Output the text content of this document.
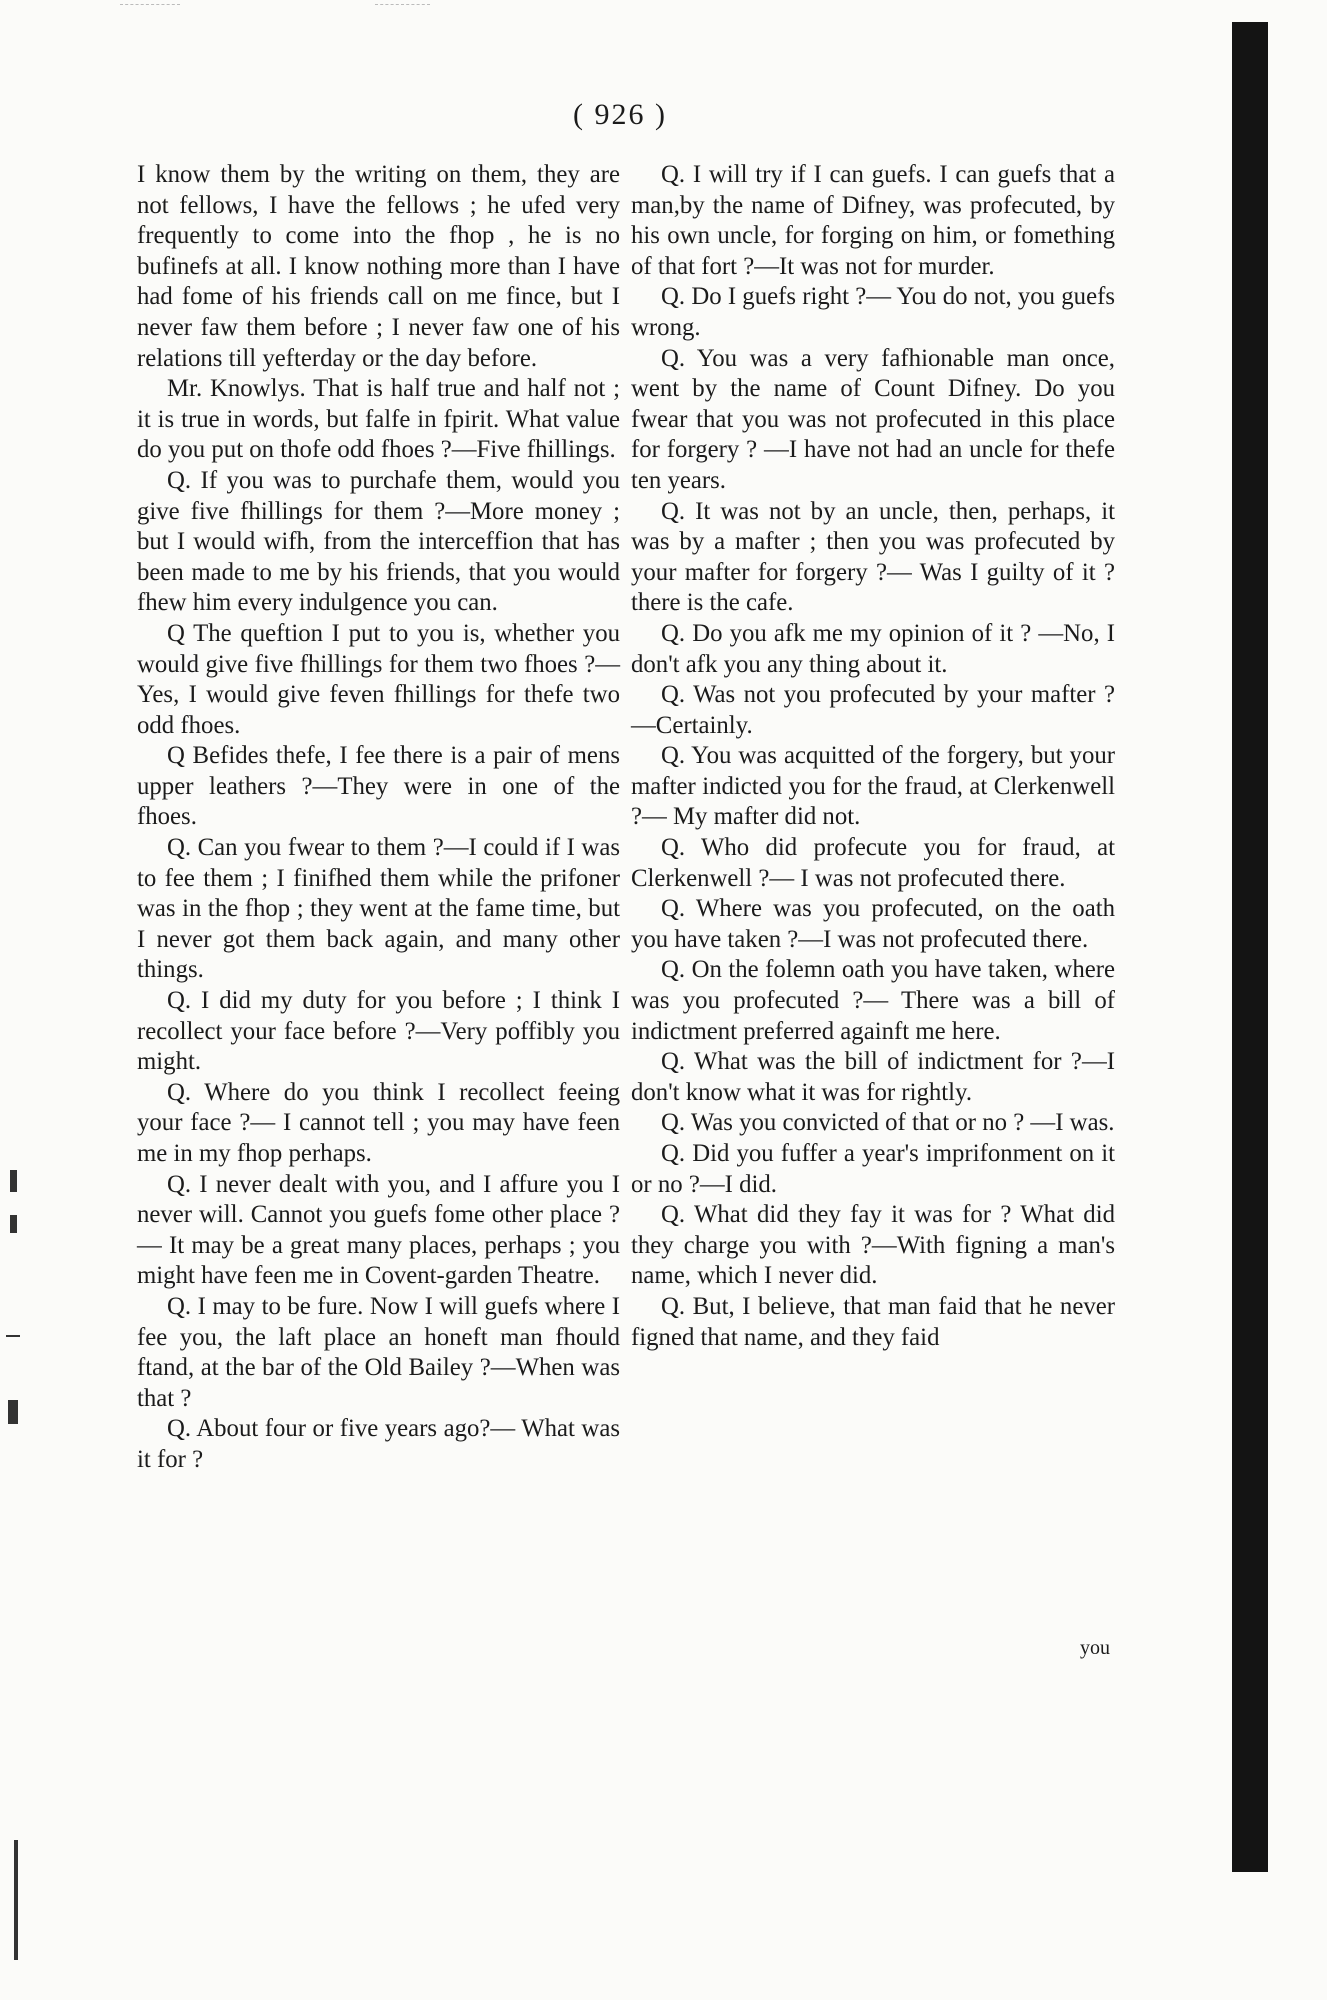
( 926 )

I know them by the writing on them, they are not fellows, I have the fellows ; he ufed very frequently to come into the fhop , he is no bufinefs at all. I know nothing more than I have had fome of his friends call on me fince, but I never faw them before ; I never faw one of his relations till yefterday or the day before.

Mr. Knowlys. That is half true and half not ; it is true in words, but falfe in fpirit. What value do you put on thofe odd fhoes ?—Five fhillings.

Q. If you was to purchafe them, would you give five fhillings for them ?—More money ; but I would wifh, from the interceffion that has been made to me by his friends, that you would fhew him every indulgence you can.

Q The queftion I put to you is, whether you would give five fhillings for them two fhoes ?—Yes, I would give feven fhillings for thefe two odd fhoes.

Q Befides thefe, I fee there is a pair of mens upper leathers ?—They were in one of the fhoes.

Q. Can you fwear to them ?—I could if I was to fee them ; I finifhed them while the prifoner was in the fhop ; they went at the fame time, but I never got them back again, and many other things.

Q. I did my duty for you before ; I think I recollect your face before ?—Very poffibly you might.

Q. Where do you think I recollect feeing your face ?— I cannot tell ; you may have feen me in my fhop perhaps.

Q. I never dealt with you, and I affure you I never will. Cannot you guefs fome other place ?— It may be a great many places, perhaps ; you might have feen me in Covent-garden Theatre.

Q. I may to be fure. Now I will guefs where I fee you, the laft place an honeft man fhould ftand, at the bar of the Old Bailey ?—When was that ?

Q. About four or five years ago?— What was it for ?

Q. I will try if I can guefs. I can guefs that a man,by the name of Difney, was profecuted, by his own uncle, for forging on him, or fomething of that fort ?—It was not for murder.

Q. Do I guefs right ?— You do not, you guefs wrong.

Q. You was a very fafhionable man once, went by the name of Count Difney. Do you fwear that you was not profecuted in this place for forgery ? —I have not had an uncle for thefe ten years.

Q. It was not by an uncle, then, perhaps, it was by a mafter ; then you was profecuted by your mafter for forgery ?— Was I guilty of it ? there is the cafe.

Q. Do you afk me my opinion of it ? —No, I don't afk you any thing about it.

Q. Was not you profecuted by your mafter ?—Certainly.

Q. You was acquitted of the forgery, but your mafter indicted you for the fraud, at Clerkenwell ?— My mafter did not.

Q. Who did profecute you for fraud, at Clerkenwell ?— I was not profecuted there.

Q. Where was you profecuted, on the oath you have taken ?—I was not profecuted there.

Q. On the folemn oath you have taken, where was you profecuted ?— There was a bill of indictment preferred againft me here.

Q. What was the bill of indictment for ?—I don't know what it was for rightly.

Q. Was you convicted of that or no ? —I was.

Q. Did you fuffer a year's imprifonment on it or no ?—I did.

Q. What did they fay it was for ? What did they charge you with ?—With figning a man's name, which I never did.

Q. But, I believe, that man faid that he never figned that name, and they faid

you
